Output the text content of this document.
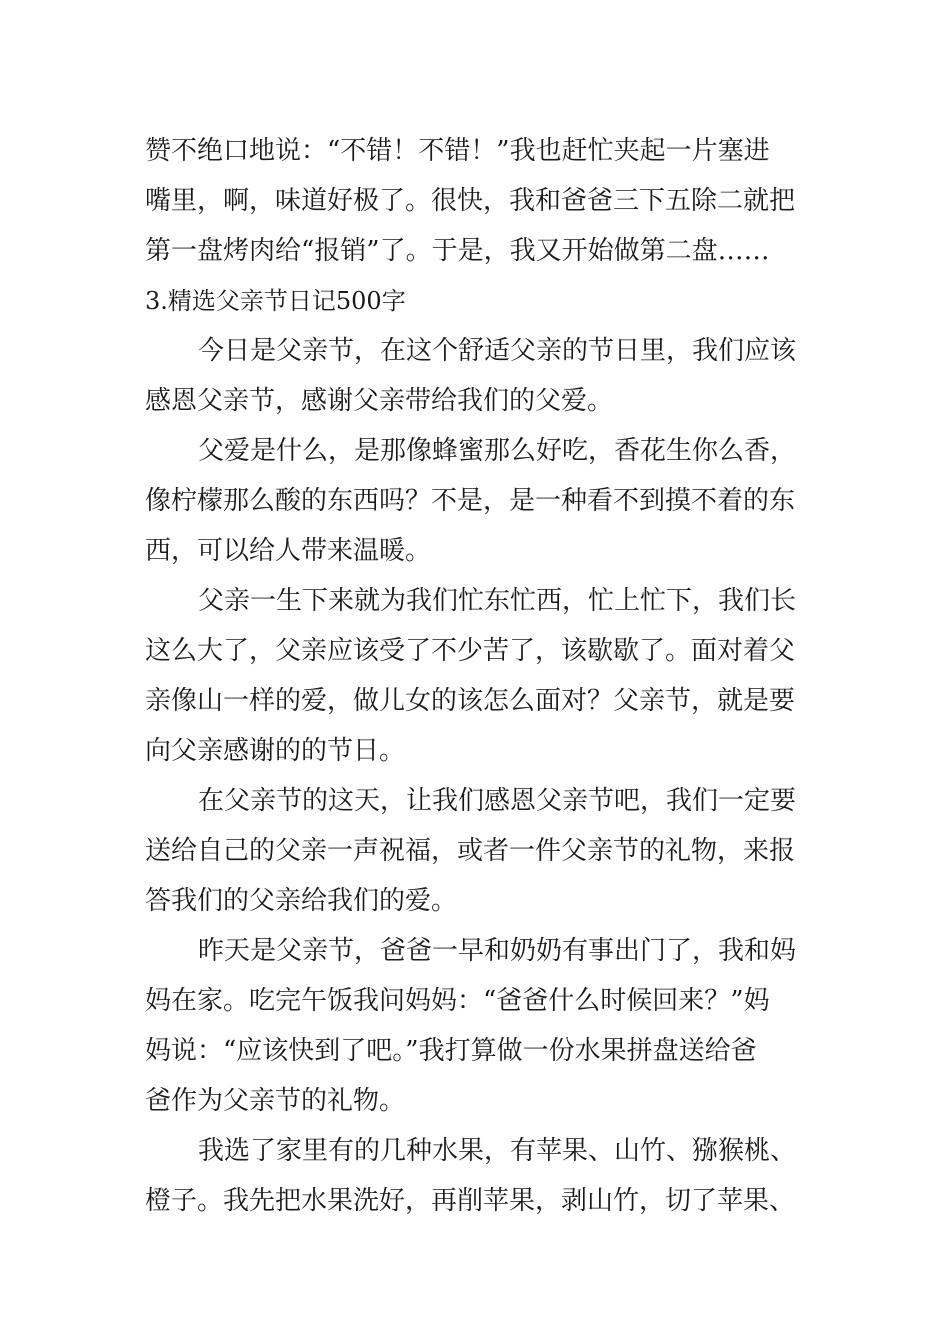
赞不绝口地说：“不错！不错！”我也赶忙夹起一片塞进
嘴里，啊，味道好极了。很快，我和爸爸三下五除二就把
第一盘烤肉给“报销”了。于是，我又开始做第二盘……
3.精选父亲节日记500字
今日是父亲节，在这个舒适父亲的节日里，我们应该
感恩父亲节，感谢父亲带给我们的父爱。
父爱是什么，是那像蜂蜜那么好吃，香花生你么香，
像柠檬那么酸的东西吗？不是，是一种看不到摸不着的东
西，可以给人带来温暖。
父亲一生下来就为我们忙东忙西，忙上忙下，我们长
这么大了，父亲应该受了不少苦了，该歇歇了。面对着父
亲像山一样的爱，做儿女的该怎么面对？父亲节，就是要
向父亲感谢的的节日。
在父亲节的这天，让我们感恩父亲节吧，我们一定要
送给自己的父亲一声祝福，或者一件父亲节的礼物，来报
答我们的父亲给我们的爱。
昨天是父亲节，爸爸一早和奶奶有事出门了，我和妈
妈在家。吃完午饭我问妈妈：“爸爸什么时候回来？”妈
妈说：“应该快到了吧。”我打算做一份水果拼盘送给爸
爸作为父亲节的礼物。
我选了家里有的几种水果，有苹果、山竹、猕猴桃、
橙子。我先把水果洗好，再削苹果，剥山竹，切了苹果、
